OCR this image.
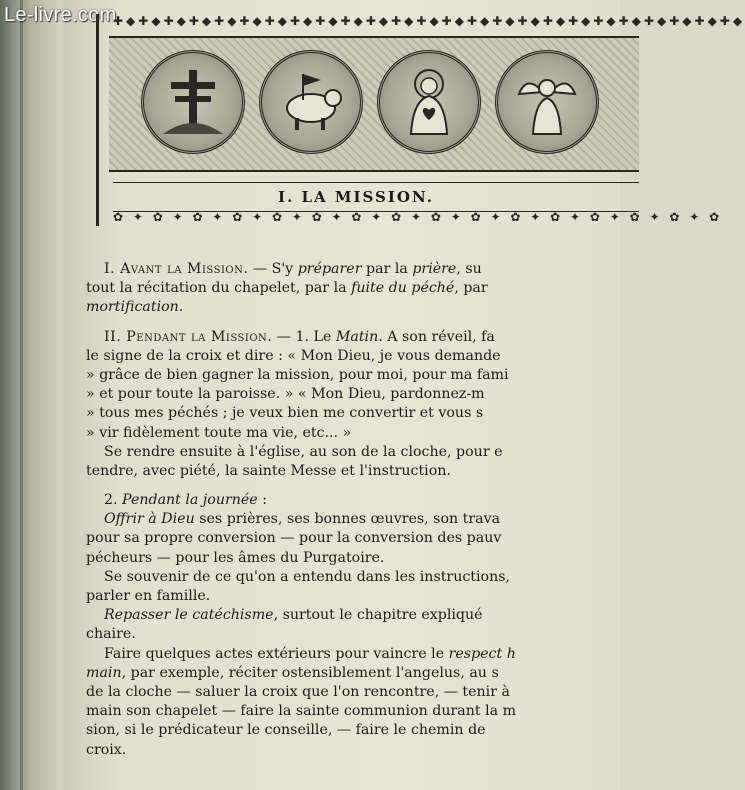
Le-livre.com
✚◆✚◆✚◆✚◆✚◆✚◆✚◆✚◆✚◆✚◆✚◆✚◆✚◆✚◆✚◆✚◆✚◆✚◆✚◆✚◆✚◆✚◆✚◆✚◆✚◆
I. LA MISSION.
✿ ✦ ✿ ✦ ✿ ✦ ✿ ✦ ✿ ✦ ✿ ✦ ✿ ✦ ✿ ✦ ✿ ✦ ✿ ✦ ✿ ✦ ✿ ✦ ✿ ✦ ✿ ✦ ✿ ✦ ✿
I. Avant la Mission. — S'y préparer par la prière, su
tout la récitation du chapelet, par la fuite du péché, par
mortification.
II. Pendant la Mission. — 1. Le Matin. A son réveil, fa
le signe de la croix et dire : « Mon Dieu, je vous demande
» grâce de bien gagner la mission, pour moi, pour ma fami
» et pour toute la paroisse. » « Mon Dieu, pardonnez-m
» tous mes péchés ; je veux bien me convertir et vous s
» vir fidèlement toute ma vie, etc... »
Se rendre ensuite à l'église, au son de la cloche, pour e
tendre, avec piété, la sainte Messe et l'instruction.
2. Pendant la journée :
Offrir à Dieu ses prières, ses bonnes œuvres, son trava
pour sa propre conversion — pour la conversion des pauv
pécheurs — pour les âmes du Purgatoire.
Se souvenir de ce qu'on a entendu dans les instructions,
parler en famille.
Repasser le catéchisme, surtout le chapitre expliqué
chaire.
Faire quelques actes extérieurs pour vaincre le respect h
main, par exemple, réciter ostensiblement l'angelus, au s
de la cloche — saluer la croix que l'on rencontre, — tenir à
main son chapelet — faire la sainte communion durant la m
sion, si le prédicateur le conseille, — faire le chemin de
croix.
